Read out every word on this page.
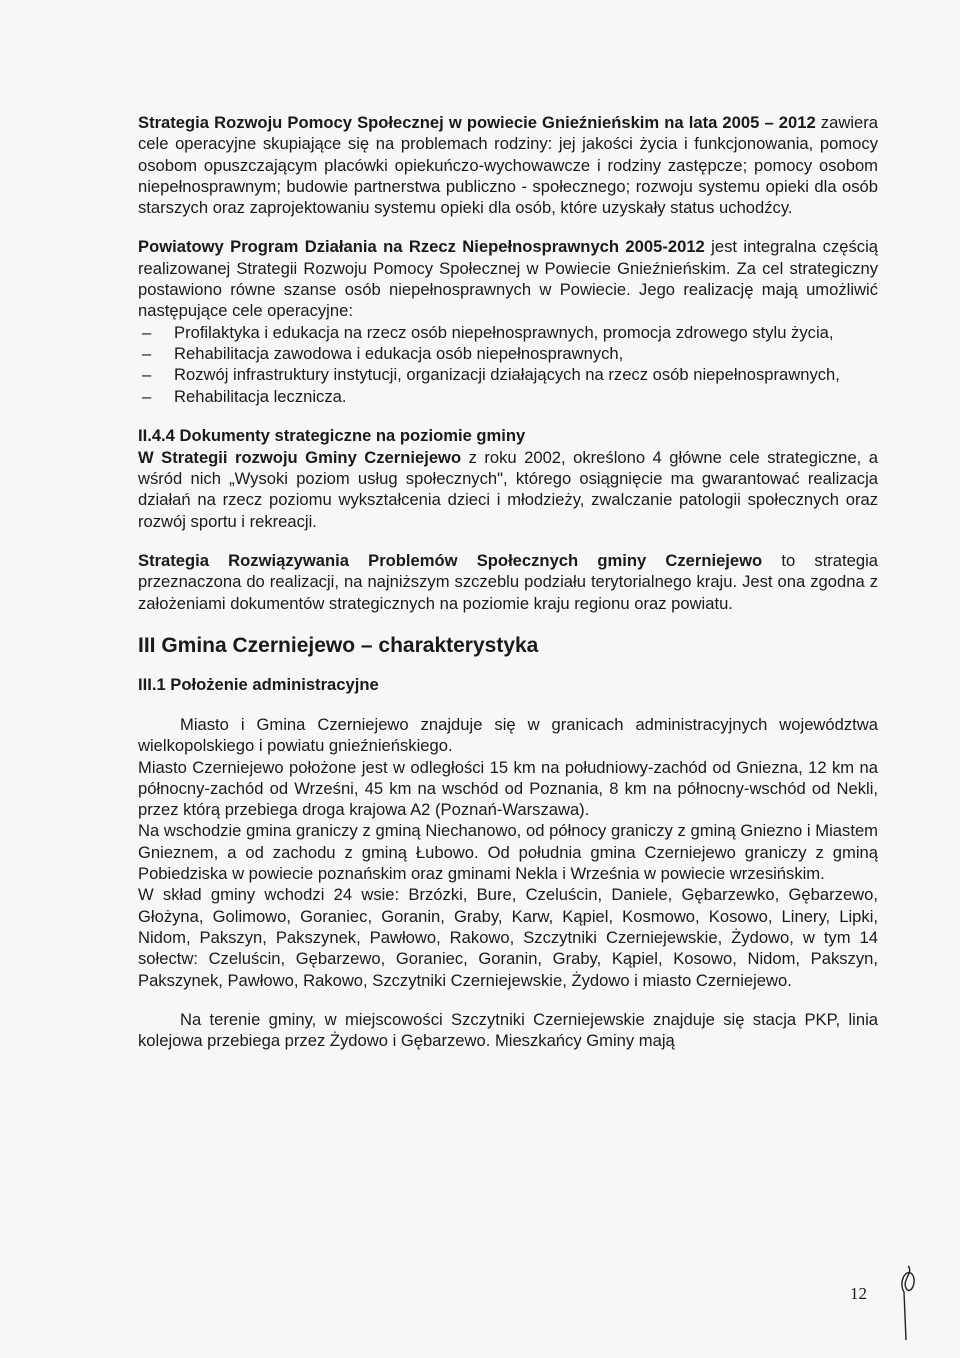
Strategia Rozwoju Pomocy Społecznej w powiecie Gnieźnieńskim na lata 2005 – 2012 zawiera cele operacyjne skupiające się na problemach rodziny: jej jakości życia i funkcjonowania, pomocy osobom opuszczającym placówki opiekuńczo-wychowawcze i rodziny zastępcze; pomocy osobom niepełnosprawnym; budowie partnerstwa publiczno - społecznego; rozwoju systemu opieki dla osób starszych oraz zaprojektowaniu systemu opieki dla osób, które uzyskały status uchodźcy.

Powiatowy Program Działania na Rzecz Niepełnosprawnych 2005-2012 jest integralna częścią realizowanej Strategii Rozwoju Pomocy Społecznej w Powiecie Gnieźnieńskim. Za cel strategiczny postawiono równe szanse osób niepełnosprawnych w Powiecie. Jego realizację mają umożliwić następujące cele operacyjne:

– Profilaktyka i edukacja na rzecz osób niepełnosprawnych, promocja zdrowego stylu życia,
– Rehabilitacja zawodowa i edukacja osób niepełnosprawnych,
– Rozwój infrastruktury instytucji, organizacji działających na rzecz osób niepełnosprawnych,
– Rehabilitacja lecznicza.
II.4.4 Dokumenty strategiczne na poziomie gminy

W Strategii rozwoju Gminy Czerniejewo z roku 2002, określono 4 główne cele strategiczne, a wśród nich „Wysoki poziom usług społecznych", którego osiągnięcie ma gwarantować realizacja działań na rzecz poziomu wykształcenia dzieci i młodzieży, zwalczanie patologii społecznych oraz rozwój sportu i rekreacji.

Strategia Rozwiązywania Problemów Społecznych gminy Czerniejewo to strategia przeznaczona do realizacji, na najniższym szczeblu podziału terytorialnego kraju. Jest ona zgodna z założeniami dokumentów strategicznych na poziomie kraju regionu oraz powiatu.

III Gmina Czerniejewo – charakterystyka
III.1 Położenie administracyjne

Miasto i Gmina Czerniejewo znajduje się w granicach administracyjnych województwa wielkopolskiego i powiatu gnieźnieńskiego.

Miasto Czerniejewo położone jest w odległości 15 km na południowy-zachód od Gniezna, 12 km na północny-zachód od Wrześni, 45 km na wschód od Poznania, 8 km na północny-wschód od Nekli, przez którą przebiega droga krajowa A2 (Poznań-Warszawa).

Na wschodzie gmina graniczy z gminą Niechanowo, od północy graniczy z gminą Gniezno i Miastem Gnieznem, a od zachodu z gminą Łubowo. Od południa gmina Czerniejewo graniczy z gminą Pobiedziska w powiecie poznańskim oraz gminami Nekla i Września w powiecie wrzesińskim.

W skład gminy wchodzi 24 wsie: Brzózki, Bure, Czeluścin, Daniele, Gębarzewko, Gębarzewo, Głożyna, Golimowo, Goraniec, Goranin, Graby, Karw, Kąpiel, Kosmowo, Kosowo, Linery, Lipki, Nidom, Pakszyn, Pakszynek, Pawłowo, Rakowo, Szczytniki Czerniejewskie, Żydowo, w tym 14 sołectw: Czeluścin, Gębarzewo, Goraniec, Goranin, Graby, Kąpiel, Kosowo, Nidom, Pakszyn, Pakszynek, Pawłowo, Rakowo, Szczytniki Czerniejewskie, Żydowo i miasto Czerniejewo.

Na terenie gminy, w miejscowości Szczytniki Czerniejewskie znajduje się stacja PKP, linia kolejowa przebiega przez Żydowo i Gębarzewo. Mieszkańcy Gminy mają

12
